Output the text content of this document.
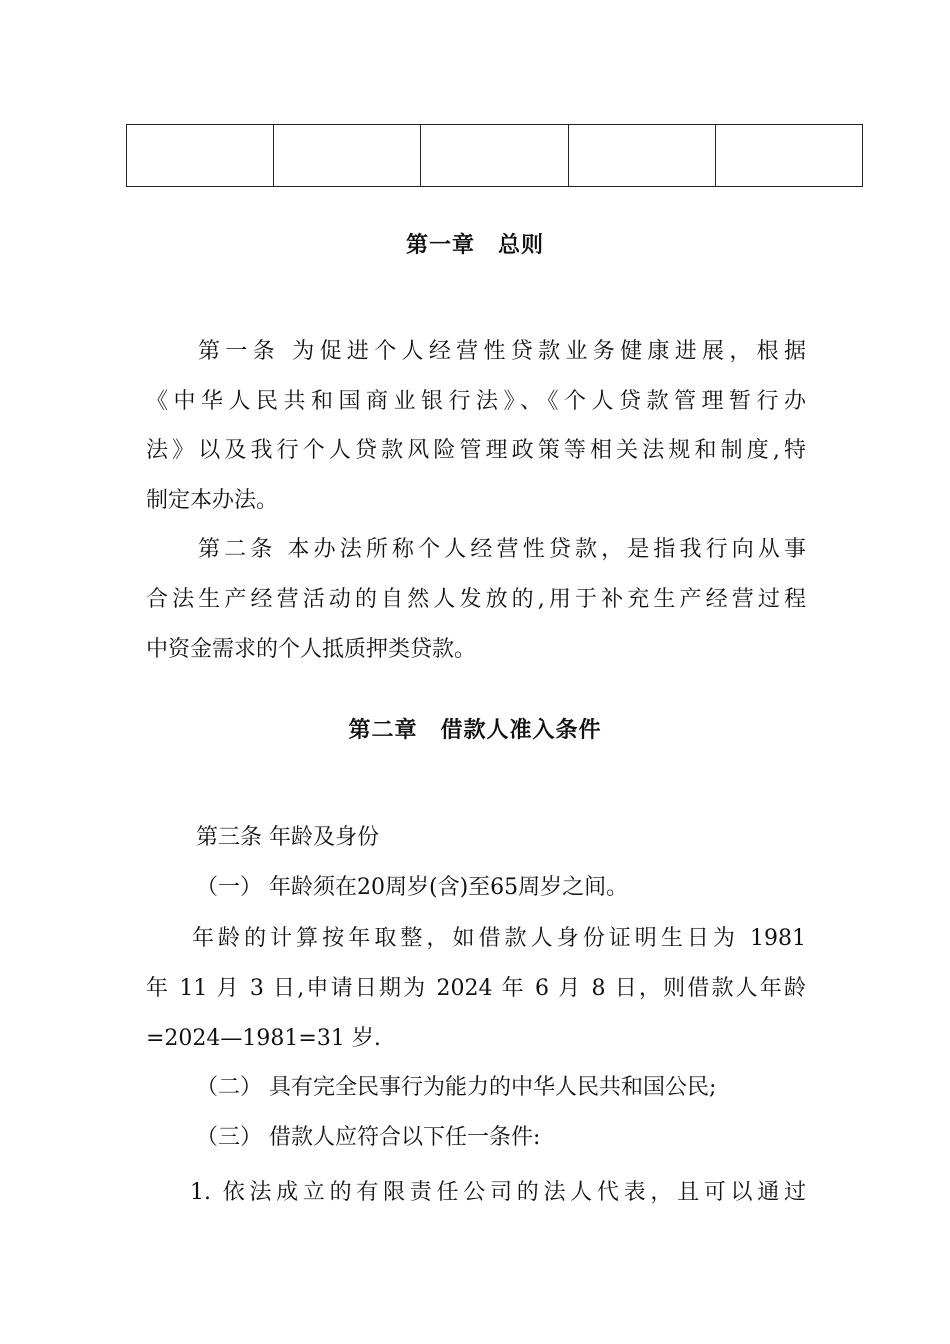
第一章　总则
第一条 为促进个人经营性贷款业务健康进展，根据
《中华人民共和国商业银行法》、《个人贷款管理暂行办
法》以及我行个人贷款风险管理政策等相关法规和制度,特
制定本办法。
第二条 本办法所称个人经营性贷款，是指我行向从事
合法生产经营活动的自然人发放的,用于补充生产经营过程
中资金需求的个人抵质押类贷款。
第二章　借款人准入条件
第三条 年龄及身份
（一） 年龄须在20周岁(含)至65周岁之间。
年龄的计算按年取整，如借款人身份证明生日为 1981
年 11 月 3 日,申请日期为 2024 年 6 月 8 日，则借款人年龄
=2024—1981=31 岁.
（二） 具有完全民事行为能力的中华人民共和国公民;
（三） 借款人应符合以下任一条件:
1. 依法成立的有限责任公司的法人代表，且可以通过
